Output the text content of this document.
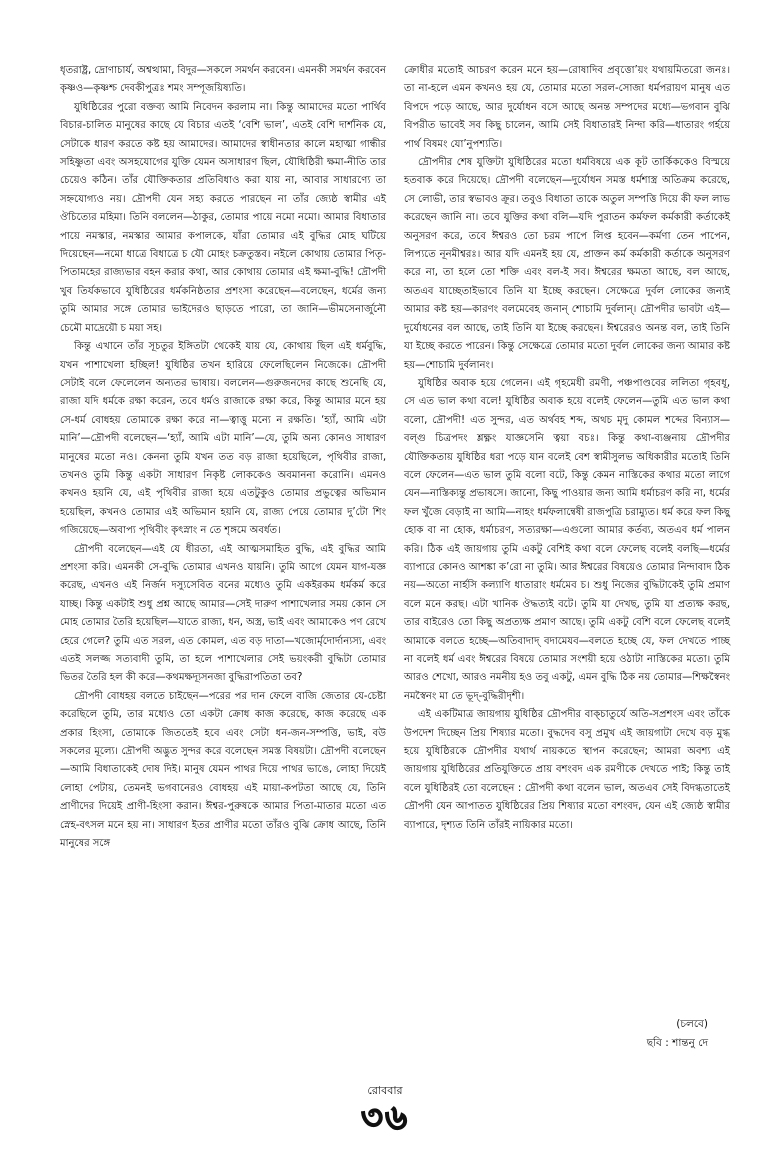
ধৃতরাষ্ট্র, দ্রোণাচার্য, অশ্বত্থামা, বিদুর—সকলে সমর্থন করবেন। এমনকী সমর্থন করবেন কৃষ্ণও—কৃষ্ণশ্চ দেবকীপুত্রঃ শমং সম্পূজয়িষ্যতি।

যুধিষ্ঠিরের পুরো বক্তব্য আমি নিবেদন করলাম না। কিন্তু আমাদের মতো পার্থিব বিচার-চালিত মানুষের কাছে যে বিচার এতই ‘বেশি ভাল’, এতই বেশি দার্শনিক যে, সেটাকে ধারণ করতে কষ্ট হয় আমাদের। আমাদের স্বাধীনতার কালে মহাত্মা গান্ধীর সহিষ্ণুতা এবং অসহযোগের যুক্তি যেমন অসাধারণ ছিল, যৌধিষ্ঠিরী ক্ষমা-নীতি তার চেয়েও কঠিন। তাঁর যৌক্তিকতার প্রতিবিধাও করা যায় না, আবার সাধারণ্যে তা সহ্নযোগ্যও নয়। দ্রৌপদী যেন সহ্য করতে পারছেন না তাঁর জ্যেষ্ঠ স্বামীর এই ঔচিত্যের মহিমা। তিনি বললেন—ঠাকুর, তোমার পায়ে নমো নমো। আমার বিধাতার পায়ে নমস্কার, নমস্কার আমার কপালকে, যাঁরা তোমার এই বুদ্ধির মোহ ঘটিয়ে দিয়েছেন—নমো ধাত্রে বিধাত্রে চ যৌ মোহং চক্রতুস্তব। নইলে কোথায় তোমার পিতৃ-পিতামহের রাজ্যভার বহন করার কথা, আর কোথায় তোমার এই ক্ষমা-বুদ্ধি! দ্রৌপদী খুব তির্যকভাবে যুধিষ্ঠিরের ধর্মকনিষ্ঠতার প্রশংসা করেছেন—বলেছেন, ধর্মের জন্য তুমি আমার সঙ্গে তোমার ভাইদেরও ছাড়তে পারো, তা জানি—ভীমসেনার্জুনৌ চেমৌ মাদ্রেয়ৌ চ ময়া সহ।

কিন্তু এখানে তাঁর সূচতুর ইঙ্গিতটা থেকেই যায় যে, কোথায় ছিল এই ধর্মবুদ্ধি, যখন পাশাখেলা হচ্ছিল! যুধিষ্ঠির তখন হারিয়ে ফেলেছিলেন নিজেকে। দ্রৌপদী সেটাই বলে ফেলেলেন অন্যতর ভাষায়। বললেন—গুরুজনদের কাছে শুনেছি যে, রাজা যদি ধর্মকে রক্ষা করেন, তবে ধর্মও রাজাকে রক্ষা করে, কিন্তু আমার মনে হয় সে-ধর্ম বোধহয় তোমাকে রক্ষা করে না—ত্বাত্তু মন্যে ন রক্ষতি। ‘হ্যাঁ, আমি এটা মানি’—দ্রৌপদী বলেছেন—‘হ্যাঁ, আমি এটা মানি’—যে, তুমি অন্য কোনও সাধারণ মানুষের মতো নও। কেননা তুমি যখন তত বড় রাজা হয়েছিলে, পৃথিবীর রাজা, তখনও তুমি কিন্তু একটা সাধারণ নিকৃষ্ট লোককেও অবমাননা করোনি। এমনও কখনও হয়নি যে, এই পৃথিবীর রাজা হয়ে এতটুকুও তোমার প্রভুত্বের অভিমান হয়েছিল, কখনও তোমার এই অভিমান হয়নি যে, রাজ্য পেয়ে তোমার দু’টো শিং গজিয়েছে—অবাপ্য পৃথিবীং কৃৎস্নাং ন তে শৃঙ্গমে অবর্ধত।

দ্রৌপদী বলেছেন—এই যে ধীরতা, এই আত্মসমাহিত বুদ্ধি, এই বুদ্ধির আমি প্রশংসা করি। এমনকী সে-বুদ্ধি তোমার এখনও যায়নি। তুমি আগে যেমন যাগ-যজ্ঞ করেছ, এখনও এই নির্জন দস্যুসেবিত বনের মধ্যেও তুমি একইরকম ধর্মকর্ম করে যাচ্ছ। কিন্তু একটাই শুধু প্রশ্ন আছে আমার—সেই দারুণ পাশাখেলার সময় কোন সে মোহ তোমার তৈরি হয়েছিল—যাতে রাজ্য, ধন, অস্ত্র, ভাই এবং আমাকেও পণ রেখে হেরে গেলে? তুমি এত সরল, এত কোমল, এত বড় দাতা—খজোর্মৃদোর্দান্যস্য, এবং এতই সলজ্জ সত্যবাদী তুমি, তা হলে পাশাখেলার সেই ভয়ংকরী বুদ্ধিটা তোমার ভিতর তৈরি হল কী করে—কথমক্ষদ্যূসনজা বুদ্ধিরাপতিতা তব?

দ্রৌপদী বোধহয় বলতে চাইছেন—পরের পর দান ফেলে বাজি জেতার যে-চেষ্টা করেছিলে তুমি, তার মধ্যেও তো একটা ক্রোধ কাজ করেছে, কাজ করেছে এক প্রকার হিংসা, তোমাকে জিততেই হবে এবং সেটা ধন-জন-সম্পত্তি, ভাই, বউ সকলের মূল্যে। দ্রৌপদী অদ্ভুত সুন্দর করে বলেছেন সমস্ত বিষয়টা। দ্রৌপদী বলেছেন—আমি বিধাতাকেই দোষ দিই। মানুষ যেমন পাথর দিয়ে পাথর ভাঙে, লোহা দিয়েই লোহা পেটায়, তেমনই ভগবানেরও বোধহয় এই মায়া-কপটতা আছে যে, তিনি প্রাণীদের দিয়েই প্রাণী-হিংসা করান। ঈশ্বর-পুরুষকে আমার পিতা-মাতার মতো এত স্নেহ-বৎসল মনে হয় না। সাধারণ ইতর প্রাণীর মতো তাঁরও বুঝি ক্রোধ আছে, তিনি মানুষের সঙ্গে

ক্রোধীর মতোই আচরণ করেন মনে হয়—রোষাদিব প্রবৃত্তো’য়ং যথায়মিতরো জনঃ। তা না-হলে এমন কখনও হয় যে, তোমার মতো সরল-সোজা ধর্মপরায়ণ মানুষ এত বিপদে পড়ে আছে, আর দুর্যোধন বসে আছে অনন্ত সম্পদের মধ্যে—ভগবান বুঝি বিপরীত ভাবেই সব কিছু চালেন, আমি সেই বিধাতারই নিন্দা করি—ধাতারং গর্হয়ে পার্থ বিষমং যো’নুপশ্যতি।

দ্রৌপদীর শেষ যুক্তিটা যুধিষ্ঠিরের মতো ধর্মবিষয়ে এক কূট তার্কিককেও বিস্ময়ে হতবাক করে দিয়েছে। দ্রৌপদী বলেছেন—দুর্যোধন সমস্ত ধর্মশাস্ত্র অতিক্রম করেছে, সে লোভী, তার স্বভাবও ক্রূর। তবুও বিধাতা তাকে অতুল সম্পত্তি দিয়ে কী ফল লাভ করেছেন জানি না। তবে যুক্তির কথা বলি—যদি পুরাতন কর্মফল কর্মকারী কর্তাকেই অনুসরণ করে, তবে ঈশ্বরও তো চরম পাপে লিপ্ত হবেন—কর্মণা তেন পাপেন, লিপ্যতে নূনমীশ্বরঃ। আর যদি এমনই হয় যে, প্রাক্তন কর্ম কর্মকারী কর্তাকে অনুসরণ করে না, তা হলে তো শক্তি এবং বল-ই সব। ঈশ্বরের ক্ষমতা আছে, বল আছে, অতএব যাচ্ছেতাইভাবে তিনি যা ইচ্ছে করছেন। সেক্ষেত্রে দুর্বল লোকের জন্যই আমার কষ্ট হয়—কারণং বলমেবেহ জনান্‌ শোচামি দুর্বলান্‌। দ্রৌপদীর ভাবটা এই—দুর্যোধনের বল আছে, তাই তিনি যা ইচ্ছে করছেন। ঈশ্বরেরও অনন্ত বল, তাই তিনি যা ইচ্ছে করতে পারেন। কিন্তু সেক্ষেত্রে তোমার মতো দুর্বল লোকের জন্য আমার কষ্ট হয়—শোচামি দুর্বলানং।

যুধিষ্ঠির অবাক হয়ে গেলেন। এই গৃহমেধী রমণী, পঞ্চপাণ্ডবের ললিতা গৃহবধূ, সে এত ভাল কথা বলে! যুধিষ্ঠির অবাক হয়ে বলেই ফেলেন—তুমি এত ভাল কথা বলো, দ্রৌপদী! এত সুন্দর, এত অর্থবহ শব্দ, অথচ মৃদু কোমল শব্দের বিন্যাস—বল্গু চিত্রপদং শ্লক্ষ্ণং যাজ্ঞসেনি ত্বয়া বচঃ। কিন্তু কথা-ব্যঞ্জনায় দ্রৌপদীর যৌক্তিকতায় যুধিষ্ঠির ধরা পড়ে যান বলেই বেশ স্বামীসুলভ অধিকারীর মতোই তিনি বলে ফেলেন—এত ভাল তুমি বলো বটে, কিন্তু কেমন নাস্তিকের কথার মতো লাগে যেন—নাস্তিক্যন্তু প্রভাষসে। জানো, কিছু পাওয়ার জন্য আমি ধর্মাচরণ করি না, ধর্মের ফল খুঁজে বেড়াই না আমি—নাহং ধর্মফলান্বেষী রাজপুত্রি চরাম্যুত। ধর্ম করে ফল কিছু হোক বা না হোক, ধর্মাচরণ, সত্যরক্ষা—এগুলো আমার কর্তব্য, অতএব ধর্ম পালন করি। ঠিক এই জায়গায় তুমি একটু বেশিই কথা বলে ফেলেছ বলেই বলছি—ধর্মের ব্যাপারে কোনও আশঙ্কা ক’রো না তুমি। আর ঈশ্বরের বিষয়েও তোমার নিন্দাবাদ ঠিক নয়—অতো নার্হসি কল্যাণি ধাতারাং ধর্মমেব চ। শুধু নিজের বুদ্ধিটাকেই তুমি প্রমাণ বলে মনে করছ। এটা খানিক ঔদ্ধত্যই বটে। তুমি যা দেখছ, তুমি যা প্রত্যক্ষ করছ, তার বাইরেও তো কিছু অপ্রত্যক্ষ প্রমাণ আছে। তুমি একটু বেশি বলে ফেলেছ বলেই আমাকে বলতে হচ্ছে—অতিবাদাদ্‌ বদামেযব—বলতে হচ্ছে যে, ফল দেখতে পাচ্ছ না বলেই ধর্ম এবং ঈশ্বরের বিষয়ে তোমার সংশয়ী হয়ে ওঠাটা নাস্তিকের মতো। তুমি আরও শেখো, আরও নমনীয় হও তবু একটু, এমন বুদ্ধি ঠিক নয় তোমার—শিক্ষস্বৈনং নমস্বৈনং মা তে ভূদ্‌-বুদ্ধিরীদৃশী।

এই একটিমাত্র জায়গায় যুধিষ্ঠির দ্রৌপদীর বাক্‌চাতুর্যে অতি-সপ্রশংস এবং তাঁকে উপদেশ দিচ্ছেন প্রিয় শিষ্যার মতো। বুদ্ধদেব বসু প্রমুখ এই জায়গাটা দেখে বড় মুগ্ধ হয়ে যুধিষ্ঠিরকে দ্রৌপদীর যথার্থ নায়কতে স্থাপন করেছেন; আমরা অবশ্য এই জায়গায় যুধিষ্ঠিরের প্রতিযুক্তিতে প্রায় বশংবদ এক রমণীকে দেখতে পাই; কিন্তু তাই বলে যুধিষ্ঠিরই তো বলেছেন : দ্রৌপদী কথা বলেন ভাল, অতএব সেই বিদগ্ধতাতেই দ্রৌপদী যেন আপাতত যুধিষ্ঠিরের প্রিয় শিষ্যার মতো বশংবদ, যেন এই জ্যেষ্ঠ স্বামীর ব্যাপারে, দৃশ্যত তিনি তাঁরই নায়িকার মতো।

(চলবে)
ছবি : শান্তনু দে
রোববার
৩৬
